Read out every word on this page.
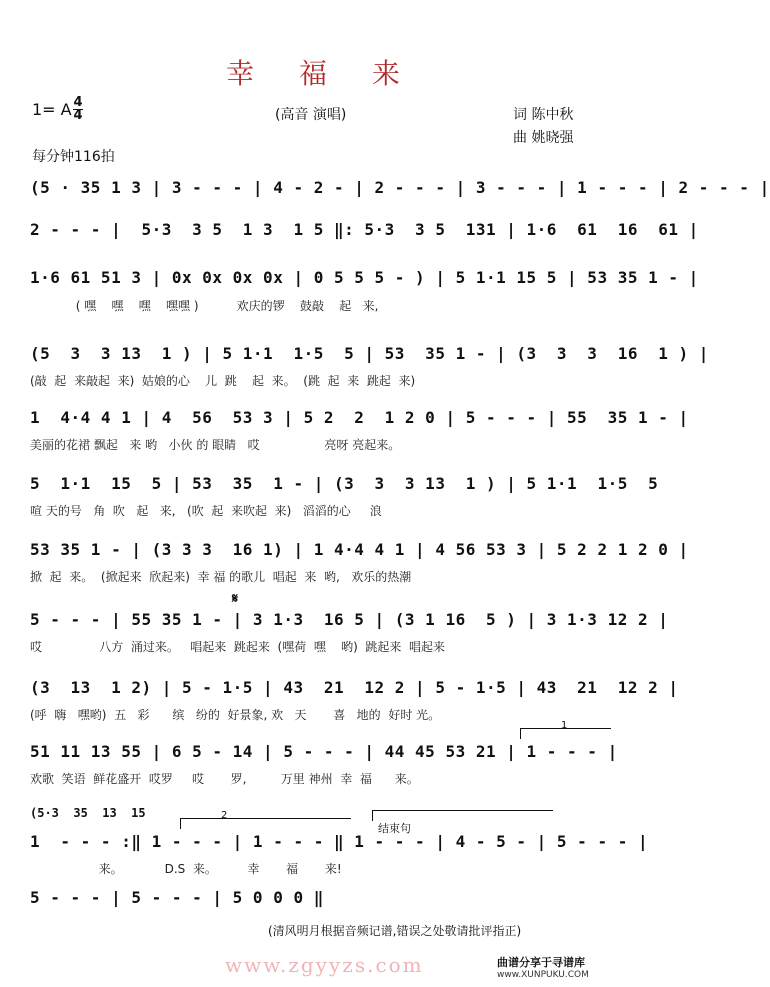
幸 福 来
1= A 4
4	(高音 演唱)	词 陈中秋
曲 姚晓强
每分钟116拍
(5 · 35 1 3 | 3 - - - | 4 - 2 - | 2 - - - | 3 - - - | 1 - - - | 2 - - - |
2 - - - |  5·3  3 5  1 3  1 5 ‖: 5·3  3 5  131 | 1·6  61  16  61 |
1·6 61 51 3 | 0x 0x 0x 0x | 0 5 5 5 - ) | 5 1·1 15 5 | 53 35 1 - |
( 嘿    嘿    嘿    嘿嘿 )          欢庆的锣    鼓敲    起   来,
(5  3  3 13  1 ) | 5 1·1  1·5  5 | 53  35 1 - | (3  3  3  16  1 ) |
(敲  起  来敲起  来)  姑娘的心    儿  跳    起  来。  (跳  起  来  跳起  来)
1  4·4 4 1 | 4  56  53 3 | 5 2  2  1 2 0 | 5 - - - | 55  35 1 - |
美丽的花裙 飘起   来 哟   小伙 的 眼睛   哎                 亮呀 亮起来。
5  1·1  15  5 | 53  35  1 - | (3  3  3 13  1 ) | 5 1·1  1·5  5
喧 天的号   角  吹   起   来,   (吹  起  来吹起  来)   滔滔的心     浪
53 35 1 - | (3 3 3  16 1) | 1 4·4 4 1 | 4 56 53 3 | 5 2 2 1 2 0 |
掀  起  来。  (掀起来  欣起来)  幸 福 的歌儿  唱起  来  哟,   欢乐的热潮
𝄋
5 - - - | 55 35 1 - | 3 1·3  16 5 | (3 1 16  5 ) | 3 1·3 12 2 |
哎               八方  涌过来。   唱起来  跳起来  (嘿荷  嘿    哟)  跳起来  唱起来
(3  13  1 2) | 5 - 1·5 | 43  21  12 2 | 5 - 1·5 | 43  21  12 2 |
(呼  嗨   嘿哟)  五   彩      缤   纷的  好景象, 欢   天       喜   地的  好时 光。
1
51 11 13 55 | 6 5 - 14 | 5 - - - | 44 45 53 21 | 1 - - - |
欢歌  笑语  鲜花盛开  哎罗     哎       罗,         万里 神州  幸  福      来。
(5·3  35  13  15	2
结束句
1  - - - :‖ 1 - - - | 1 - - - ‖ 1 - - - | 4 - 5 - | 5 - - - |
来。           D.S  来。        幸       福       来!
5 - - - | 5 - - - | 5 0 0 0 ‖
(清风明月根据音频记谱,错误之处敬请批评指正)
www.zgyyzs.com	曲谱分享于寻谱库
www.XUNPUKU.COM
